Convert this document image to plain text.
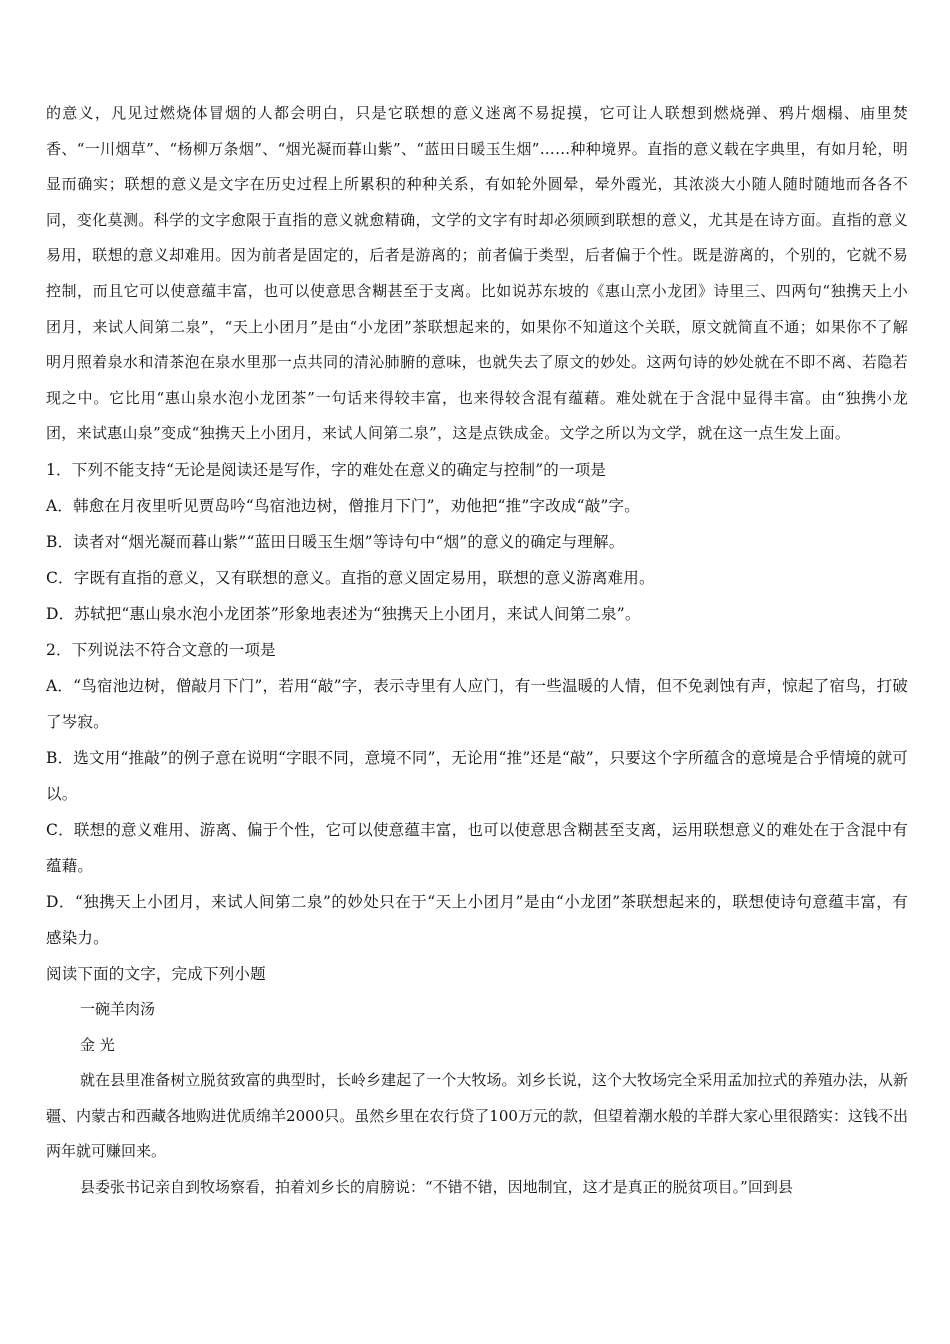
的意义，凡见过燃烧体冒烟的人都会明白，只是它联想的意义迷离不易捉摸，它可让人联想到燃烧弹、鸦片烟榻、庙里焚香、“一川烟草”、“杨柳万条烟”、“烟光凝而暮山紫”、“蓝田日暖玉生烟”……种种境界。直指的意义载在字典里，有如月轮，明显而确实；联想的意义是文字在历史过程上所累积的种种关系，有如轮外圆晕，晕外霞光，其浓淡大小随人随时随地而各各不同，变化莫测。科学的文字愈限于直指的意义就愈精确，文学的文字有时却必须顾到联想的意义，尤其是在诗方面。直指的意义易用，联想的意义却难用。因为前者是固定的，后者是游离的；前者偏于类型，后者偏于个性。既是游离的，个别的，它就不易控制，而且它可以使意蕴丰富，也可以使意思含糊甚至于支离。比如说苏东坡的《惠山烹小龙团》诗里三、四两句“独携天上小团月，来试人间第二泉”，“天上小团月”是由“小龙团”茶联想起来的，如果你不知道这个关联，原文就简直不通；如果你不了解明月照着泉水和清茶泡在泉水里那一点共同的清沁肺腑的意味，也就失去了原文的妙处。这两句诗的妙处就在不即不离、若隐若现之中。它比用“惠山泉水泡小龙团茶”一句话来得较丰富，也来得较含混有蕴藉。难处就在于含混中显得丰富。由“独携小龙团，来试惠山泉”变成“独携天上小团月，来试人间第二泉”，这是点铁成金。文学之所以为文学，就在这一点生发上面。

1．下列不能支持“无论是阅读还是写作，字的难处在意义的确定与控制”的一项是

A．韩愈在月夜里听见贾岛吟“鸟宿池边树，僧推月下门”，劝他把“推”字改成“敲”字。

B．读者对“烟光凝而暮山紫”“蓝田日暖玉生烟”等诗句中“烟”的意义的确定与理解。

C．字既有直指的意义，又有联想的意义。直指的意义固定易用，联想的意义游离难用。

D．苏轼把“惠山泉水泡小龙团茶”形象地表述为“独携天上小团月，来试人间第二泉”。

2．下列说法不符合文意的一项是

A．“鸟宿池边树，僧敲月下门”，若用“敲”字，表示寺里有人应门，有一些温暖的人情，但不免剥蚀有声，惊起了宿鸟，打破了岑寂。

B．选文用“推敲”的例子意在说明“字眼不同，意境不同”，无论用“推”还是“敲”，只要这个字所蕴含的意境是合乎情境的就可以。

C．联想的意义难用、游离、偏于个性，它可以使意蕴丰富，也可以使意思含糊甚至支离，运用联想意义的难处在于含混中有蕴藉。

D．“独携天上小团月，来试人间第二泉”的妙处只在于“天上小团月”是由“小龙团”茶联想起来的，联想使诗句意蕴丰富，有感染力。

阅读下面的文字，完成下列小题

一碗羊肉汤

金 光

就在县里准备树立脱贫致富的典型时，长岭乡建起了一个大牧场。刘乡长说，这个大牧场完全采用孟加拉式的养殖办法，从新疆、内蒙古和西藏各地购进优质绵羊2000只。虽然乡里在农行贷了100万元的款，但望着潮水般的羊群大家心里很踏实：这钱不出两年就可赚回来。

县委张书记亲自到牧场察看，拍着刘乡长的肩膀说：“不错不错，因地制宜，这才是真正的脱贫项目。”回到县
